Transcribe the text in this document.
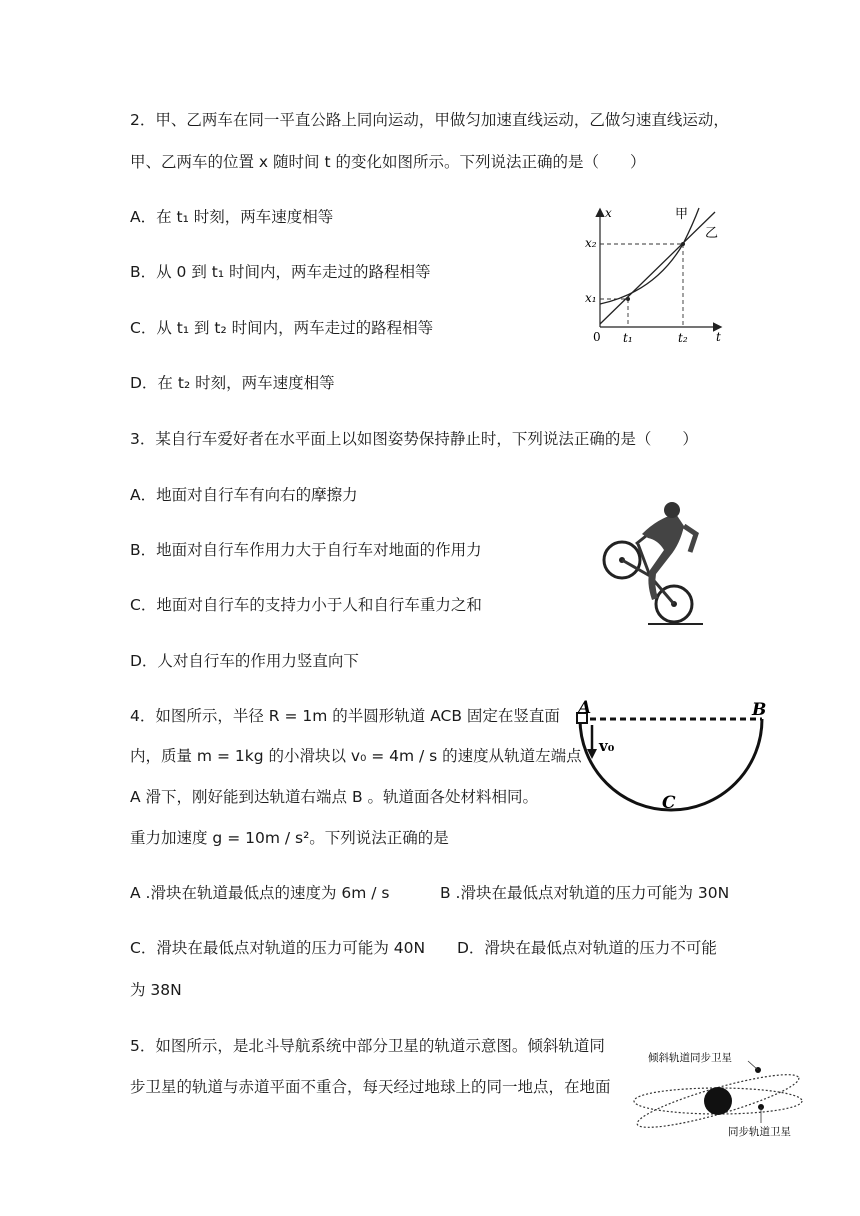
2．甲、乙两车在同一平直公路上同向运动，甲做匀加速直线运动，乙做匀速直线运动，
甲、乙两车的位置 x 随时间 t 的变化如图所示。下列说法正确的是（　　）
A．在 t₁ 时刻，两车速度相等
B．从 0 到 t₁ 时间内，两车走过的路程相等
C．从 t₁ 到 t₂ 时间内，两车走过的路程相等
D．在 t₂ 时刻，两车速度相等
x
t
0 t₁	t₂
x₁
x₂
甲
乙
3．某自行车爱好者在水平面上以如图姿势保持静止时，下列说法正确的是（　　）
A．地面对自行车有向右的摩擦力
B．地面对自行车作用力大于自行车对地面的作用力
C．地面对自行车的支持力小于人和自行车重力之和
D．人对自行车的作用力竖直向下
4．如图所示，半径 R = 1m 的半圆形轨道 ACB 固定在竖直面
内，质量 m = 1kg 的小滑块以 v₀ = 4m / s 的速度从轨道左端点
A 滑下，刚好能到达轨道右端点 B 。轨道面各处材料相同。
重力加速度 g = 10m / s²。下列说法正确的是
A .滑块在轨道最低点的速度为 6m / s	B .滑块在最低点对轨道的压力可能为 30N
C．滑块在最低点对轨道的压力可能为 40N D．滑块在最低点对轨道的压力不可能
为 38N
A	B
C
v₀
5．如图所示，是北斗导航系统中部分卫星的轨道示意图。倾斜轨道同
步卫星的轨道与赤道平面不重合，每天经过地球上的同一地点，在地面
倾斜轨道同步卫星
同步轨道卫星
